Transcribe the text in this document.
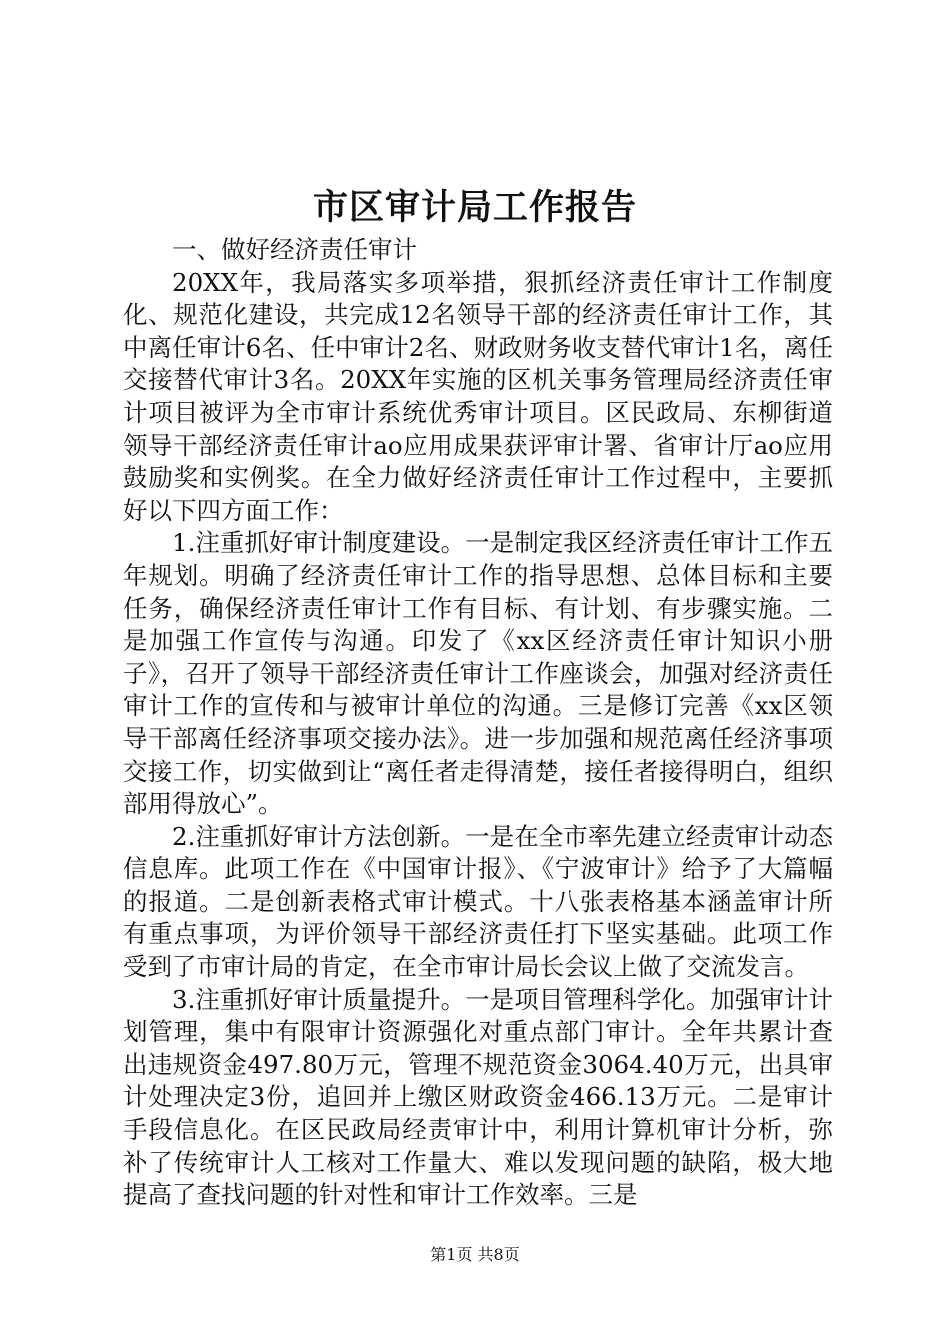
市区审计局工作报告

一、做好经济责任审计

20XX年，我局落实多项举措，狠抓经济责任审计工作制度化、规范化建设，共完成12名领导干部的经济责任审计工作，其中离任审计6名、任中审计2名、财政财务收支替代审计1名，离任交接替代审计3名。20XX年实施的区机关事务管理局经济责任审计项目被评为全市审计系统优秀审计项目。区民政局、东柳街道领导干部经济责任审计ao应用成果获评审计署、省审计厅ao应用鼓励奖和实例奖。在全力做好经济责任审计工作过程中，主要抓好以下四方面工作：

1.注重抓好审计制度建设。一是制定我区经济责任审计工作五年规划。明确了经济责任审计工作的指导思想、总体目标和主要任务，确保经济责任审计工作有目标、有计划、有步骤实施。二是加强工作宣传与沟通。印发了《xx区经济责任审计知识小册子》，召开了领导干部经济责任审计工作座谈会，加强对经济责任审计工作的宣传和与被审计单位的沟通。三是修订完善《xx区领导干部离任经济事项交接办法》。进一步加强和规范离任经济事项交接工作，切实做到让“离任者走得清楚，接任者接得明白，组织部用得放心”。

2.注重抓好审计方法创新。一是在全市率先建立经责审计动态信息库。此项工作在《中国审计报》、《宁波审计》给予了大篇幅的报道。二是创新表格式审计模式。十八张表格基本涵盖审计所有重点事项，为评价领导干部经济责任打下坚实基础。此项工作受到了市审计局的肯定，在全市审计局长会议上做了交流发言。

3.注重抓好审计质量提升。一是项目管理科学化。加强审计计划管理，集中有限审计资源强化对重点部门审计。全年共累计查出违规资金497.80万元，管理不规范资金3064.40万元，出具审计处理决定3份，追回并上缴区财政资金466.13万元。二是审计手段信息化。在区民政局经责审计中，利用计算机审计分析，弥补了传统审计人工核对工作量大、难以发现问题的缺陷，极大地提高了查找问题的针对性和审计工作效率。三是

第1页 共8页
